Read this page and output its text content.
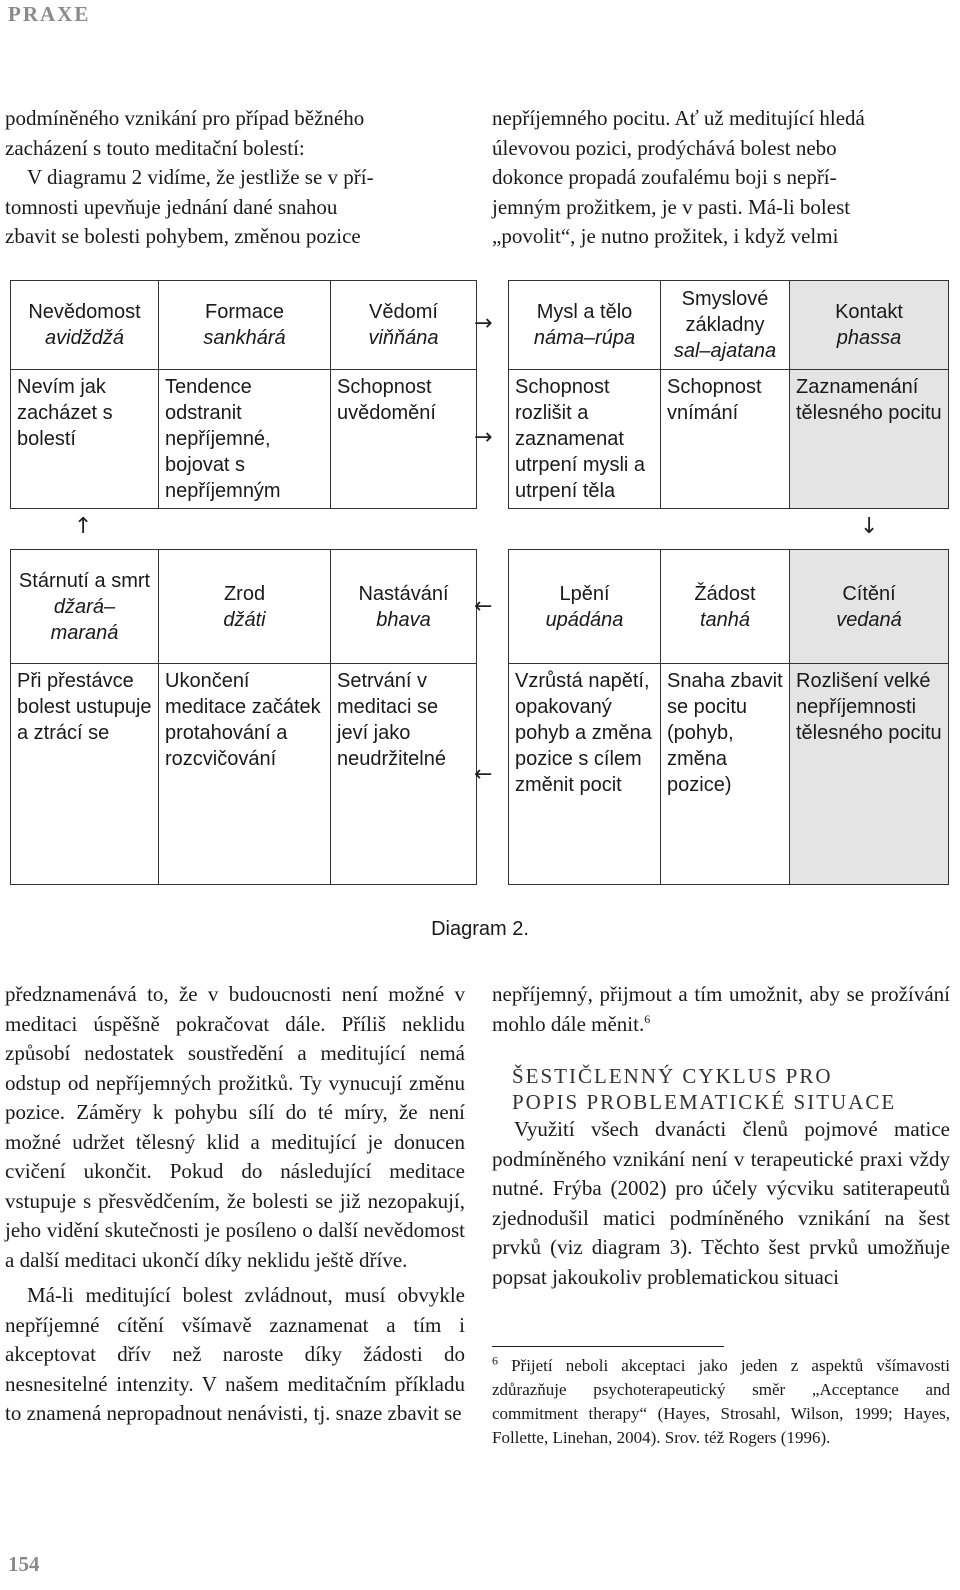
PRAXE
podmíněného vznikání pro případ běžného
zacházení s touto meditační bolestí:
V diagramu 2 vidíme, že jestliže se v pří-
tomnosti upevňuje jednání dané snahou
zbavit se bolesti pohybem, změnou pozice
nepříjemného pocitu. Ať už meditující hledá
úlevovou pozici, prodýchává bolest nebo
dokonce propadá zoufalému boji s nepří-
jemným prožitkem, je v pasti. Má-li bolest
„povolit“, je nutno prožitek, i když velmi
Nevědomost
avidždžá
Formace
sankhárá
Vědomí
viňňána
Mysl a tělo
náma–rúpa
Smyslové základny
sal–ajatana
Kontakt
phassa
Nevím jak zacházet s bolestí
Tendence odstranit nepříjemné, bojovat s nepříjemným
Schopnost uvědomění
Schopnost rozlišit a zaznamenat utrpení mysli a utrpení těla
Schopnost vnímání
Zaznamenání tělesného pocitu
Stárnutí a smrt
džará–maraná
Zrod
džáti
Nastávání
bhava
Lpění
upádána
Žádost
tanhá
Cítění
vedaná
Při přestávce bolest ustupuje a ztrácí se
Ukončení meditace začátek protahování a rozcvičování
Setrvání v meditaci se jeví jako neudržitelné
Vzrůstá napětí, opakovaný pohyb a změna pozice s cílem změnit pocit
Snaha zbavit se pocitu (pohyb, změna pozice)
Rozlišení velké nepříjemnosti tělesného pocitu
→
→
↑	↓
←
←
Diagram 2.

předznamenává to, že v budoucnosti není možné v meditaci úspěšně pokračovat dále. Příliš neklidu způsobí nedostatek soustředění a meditující nemá odstup od nepříjemných prožitků. Ty vynucují změnu pozice. Záměry k pohybu sílí do té míry, že není možné udržet tělesný klid a meditující je donucen cvičení ukončit. Pokud do následující meditace vstupuje s přesvědčením, že bolesti se již nezopakují, jeho vidění skutečnosti je posíleno o další nevědomost a další meditaci ukončí díky neklidu ještě dříve.

Má-li meditující bolest zvládnout, musí obvykle nepříjemné cítění všímavě zaznamenat a tím i akceptovat dřív než naroste díky žádosti do nesnesitelné intenzity. V našem meditačním příkladu to znamená nepropadnout nenávisti, tj. snaze zbavit se

nepříjemný, přijmout a tím umožnit, aby se prožívání mohlo dále měnit.$^6$

ŠESTIČLENNÝ CYKLUS PRO
POPIS PROBLEMATICKÉ SITUACE

Využití všech dvanácti členů pojmové matice podmíněného vznikání není v terapeutické praxi vždy nutné. Frýba (2002) pro účely výcviku satiterapeutů zjednodušil matici podmíněného vznikání na šest prvků (viz diagram 3). Těchto šest prvků umožňuje popsat jakoukoliv problematickou situaci

$^6$ Přijetí neboli akceptaci jako jeden z aspektů všímavosti zdůrazňuje psychoterapeutický směr „Acceptance and commitment therapy“ (Hayes, Strosahl, Wilson, 1999; Hayes, Follette, Linehan, 2004). Srov. též Rogers (1996).
154
